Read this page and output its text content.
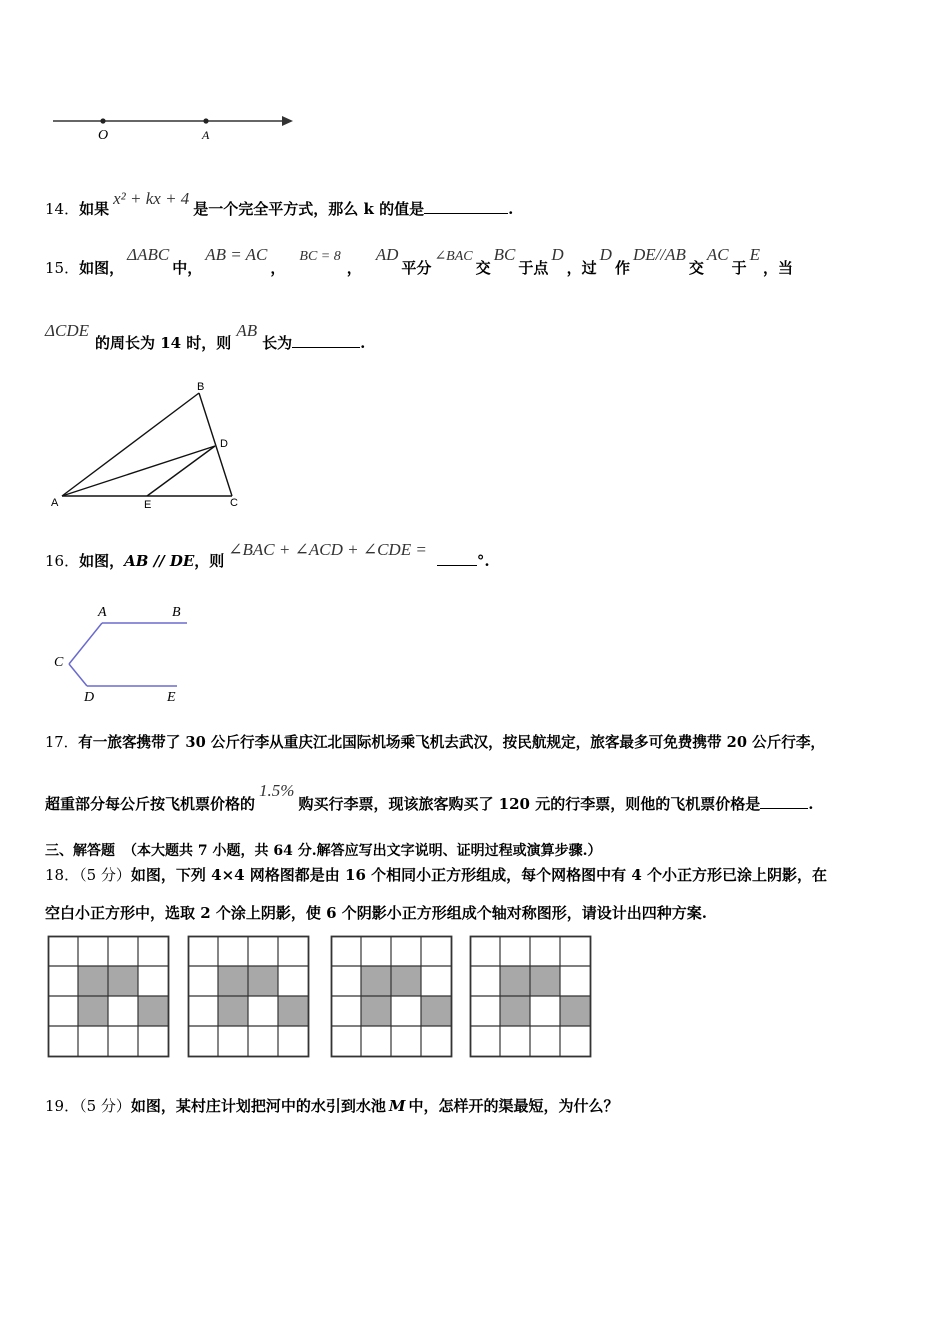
O	A
14．如果x² + kx + 4是一个完全平方式，那么 k 的值是	.
15．如图，ΔABC中，AB = AC，BC = 8，AD平分∠BAC交BC于点D，过D作DE//AB交AC于E，当
ΔCDE的周长为 14 时，则AB长为	.
B
D
A	E	C
16．如图，AB // DE，则∠BAC + ∠ACD + ∠CDE =°.
A	B
C
D	E
17．有一旅客携带了 30 公斤行李从重庆江北国际机场乘飞机去武汉，按民航规定，旅客最多可免费携带 20 公斤行李，
超重部分每公斤按飞机票价格的1.5%购买行李票，现该旅客购买了 120 元的行李票，则他的飞机票价格是	.
三、解答题 （本大题共 7 小题，共 64 分.解答应写出文字说明、证明过程或演算步骤.）
18．（5 分）如图，下列 4×4 网格图都是由 16 个相同小正方形组成，每个网格图中有 4 个小正方形已涂上阴影，在
空白小正方形中，选取 2 个涂上阴影，使 6 个阴影小正方形组成个轴对称图形，请设计出四种方案.
19．（5 分）如图，某村庄计划把河中的水引到水池 M 中，怎样开的渠最短，为什么？
